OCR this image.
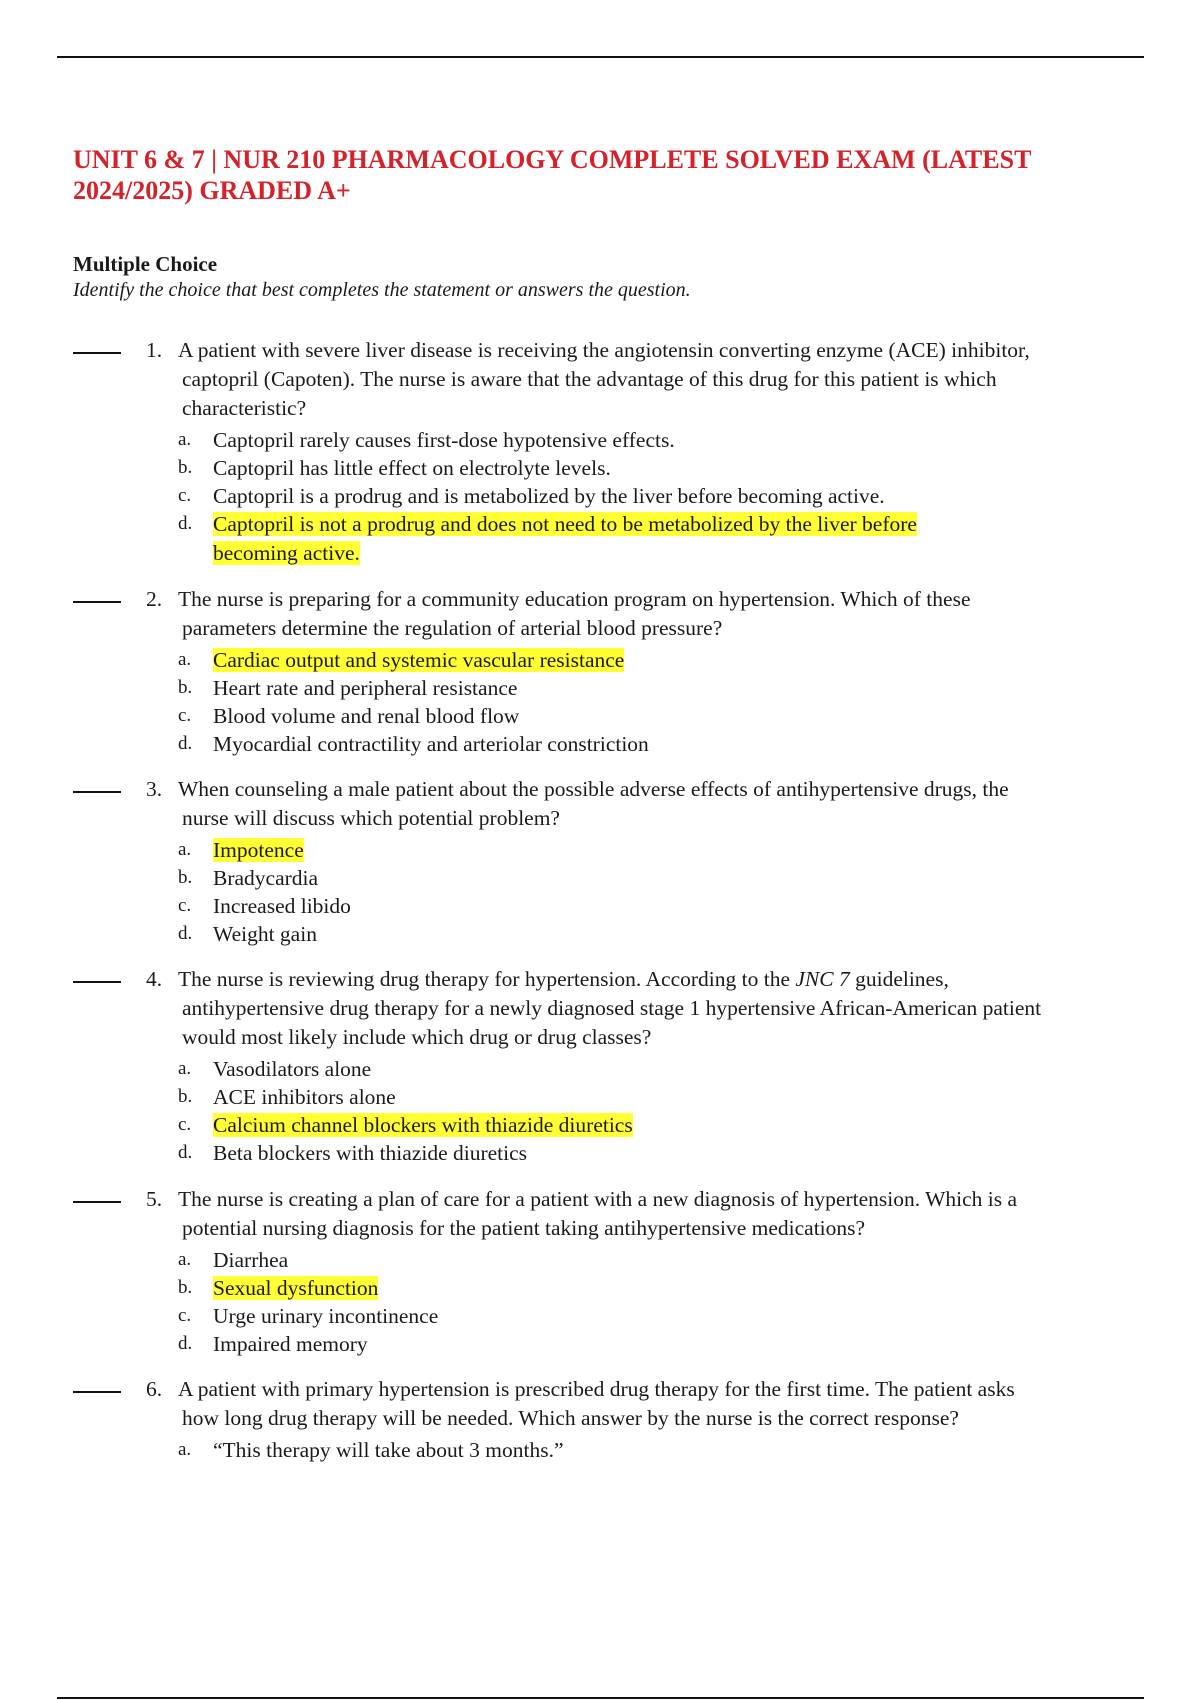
UNIT 6 & 7 | NUR 210 PHARMACOLOGY COMPLETE SOLVED EXAM (LATEST
2024/2025) GRADED A+
Multiple Choice
Identify the choice that best completes the statement or answers the question.
1. A patient with severe liver disease is receiving the angiotensin converting enzyme (ACE) inhibitor,
captopril (Capoten). The nurse is aware that the advantage of this drug for this patient is which
characteristic?
a. Captopril rarely causes first-dose hypotensive effects.
b. Captopril has little effect on electrolyte levels.
c. Captopril is a prodrug and is metabolized by the liver before becoming active.
d. Captopril is not a prodrug and does not need to be metabolized by the liver before
becoming active.
2. The nurse is preparing for a community education program on hypertension. Which of these
parameters determine the regulation of arterial blood pressure?
a. Cardiac output and systemic vascular resistance
b. Heart rate and peripheral resistance
c. Blood volume and renal blood flow
d. Myocardial contractility and arteriolar constriction
3. When counseling a male patient about the possible adverse effects of antihypertensive drugs, the
nurse will discuss which potential problem?
a. Impotence
b. Bradycardia
c. Increased libido
d. Weight gain
4. The nurse is reviewing drug therapy for hypertension. According to the JNC 7 guidelines,
antihypertensive drug therapy for a newly diagnosed stage 1 hypertensive African-American patient
would most likely include which drug or drug classes?
a. Vasodilators alone
b. ACE inhibitors alone
c. Calcium channel blockers with thiazide diuretics
d. Beta blockers with thiazide diuretics
5. The nurse is creating a plan of care for a patient with a new diagnosis of hypertension. Which is a
potential nursing diagnosis for the patient taking antihypertensive medications?
a. Diarrhea
b. Sexual dysfunction
c. Urge urinary incontinence
d. Impaired memory
6. A patient with primary hypertension is prescribed drug therapy for the first time. The patient asks
how long drug therapy will be needed. Which answer by the nurse is the correct response?
a. “This therapy will take about 3 months.”
